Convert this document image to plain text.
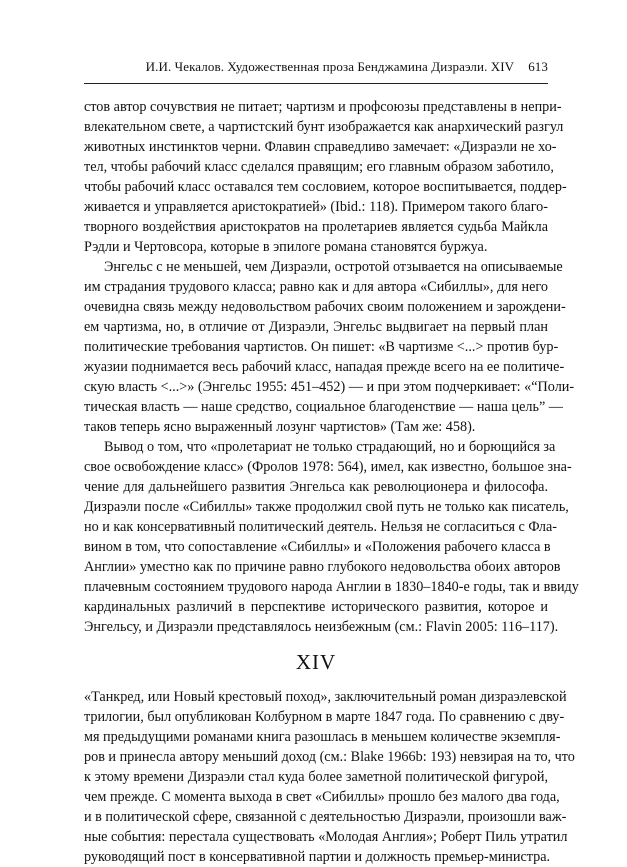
И.И. Чекалов. Художественная проза Бенджамина Дизраэли. XIV 613
стов автор сочувствия не питает; чартизм и профсоюзы представлены в непри-
влекательном свете, а чартистский бунт изображается как анархический разгул
животных инстинктов черни. Флавин справедливо замечает: «Дизраэли не хо-
тел, чтобы рабочий класс сделался правящим; его главным образом заботило,
чтобы рабочий класс оставался тем сословием, которое воспитывается, поддер-
живается и управляется аристократией» (Ibid.: 118). Примером такого благо-
творного воздействия аристократов на пролетариев является судьба Майкла
Рэдли и Чертовсора, которые в эпилоге романа становятся буржуа.
Энгельс с не меньшей, чем Дизраэли, остротой отзывается на описываемые
им страдания трудового класса; равно как и для автора «Сибиллы», для него
очевидна связь между недовольством рабочих своим положением и зарождени-
ем чартизма, но, в отличие от Дизраэли, Энгельс выдвигает на первый план
политические требования чартистов. Он пишет: «В чартизме <...> против бур-
жуазии поднимается весь рабочий класс, нападая прежде всего на ее политиче-
скую власть <...>» (Энгельс 1955: 451–452) — и при этом подчеркивает: «“Поли-
тическая власть — наше средство, социальное благоденствие — наша цель” —
таков теперь ясно выраженный лозунг чартистов» (Там же: 458).
Вывод о том, что «пролетариат не только страдающий, но и борющийся за
свое освобождение класс» (Фролов 1978: 564), имел, как известно, большое зна-
чение для дальнейшего развития Энгельса как революционера и философа.
Дизраэли после «Сибиллы» также продолжил свой путь не только как писатель,
но и как консервативный политический деятель. Нельзя не согласиться с Фла-
вином в том, что сопоставление «Сибиллы» и «Положения рабочего класса в
Англии» уместно как по причине равно глубокого недовольства обоих авторов
плачевным состоянием трудового народа Англии в 1830–1840-е годы, так и ввиду
кардинальных различий в перспективе исторического развития, которое и
Энгельсу, и Дизраэли представлялось неизбежным (см.: Flavin 2005: 116–117).
XIV
«Танкред, или Новый крестовый поход», заключительный роман дизраэлевской
трилогии, был опубликован Колбурном в марте 1847 года. По сравнению с дву-
мя предыдущими романами книга разошлась в меньшем количестве экземпля-
ров и принесла автору меньший доход (см.: Blake 1966b: 193) невзирая на то, что
к этому времени Дизраэли стал куда более заметной политической фигурой,
чем прежде. С момента выхода в свет «Сибиллы» прошло без малого два года,
и в политической сфере, связанной с деятельностью Дизраэли, произошли важ-
ные события: перестала существовать «Молодая Англия»; Роберт Пиль утратил
руководящий пост в консервативной партии и должность премьер-министра.
